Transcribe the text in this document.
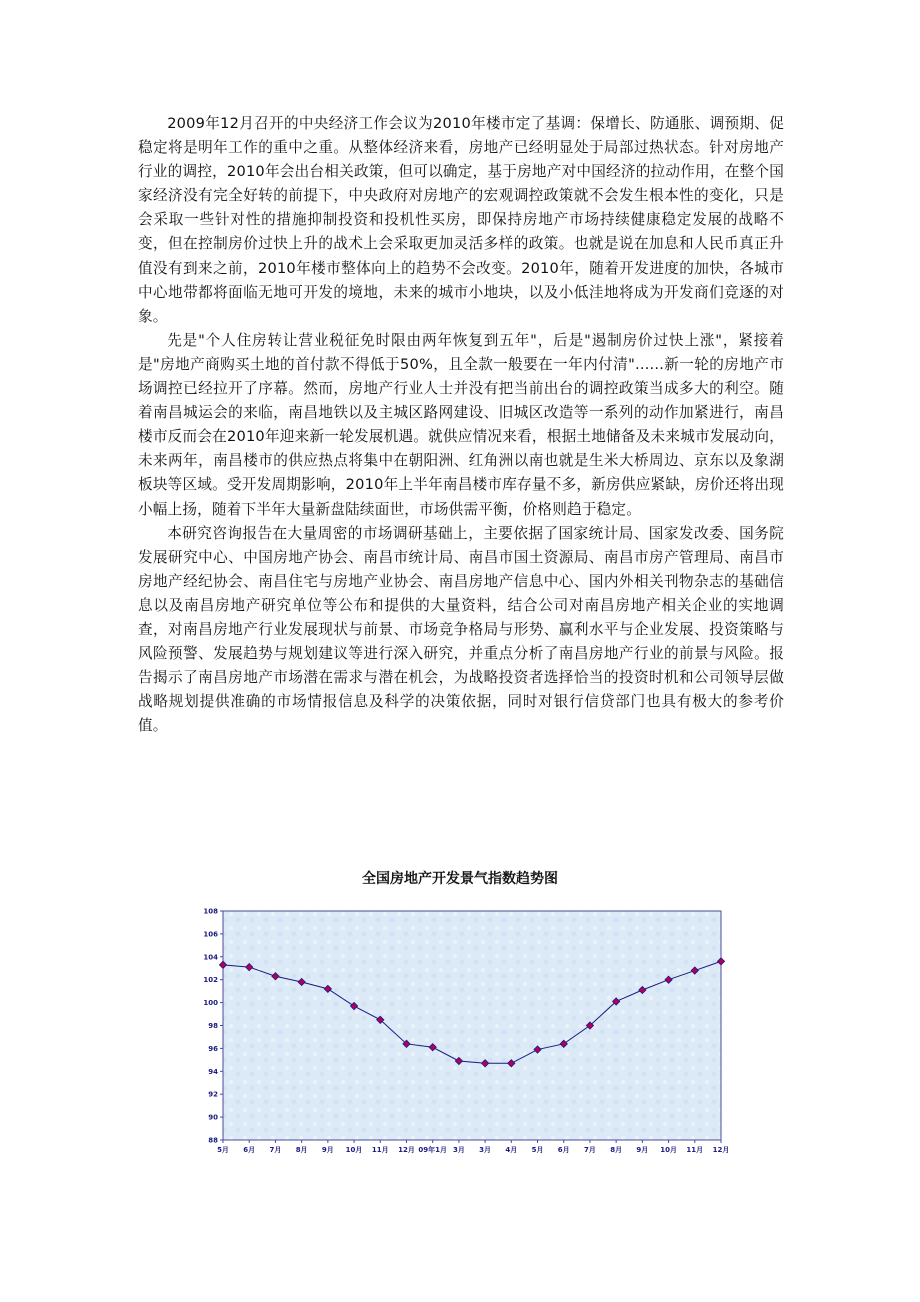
2009年12月召开的中央经济工作会议为2010年楼市定了基调：保增长、防通胀、调预期、促稳定将是明年工作的重中之重。从整体经济来看，房地产已经明显处于局部过热状态。针对房地产行业的调控，2010年会出台相关政策，但可以确定，基于房地产对中国经济的拉动作用，在整个国家经济没有完全好转的前提下，中央政府对房地产的宏观调控政策就不会发生根本性的变化，只是会采取一些针对性的措施抑制投资和投机性买房，即保持房地产市场持续健康稳定发展的战略不变，但在控制房价过快上升的战术上会采取更加灵活多样的政策。也就是说在加息和人民币真正升值没有到来之前，2010年楼市整体向上的趋势不会改变。2010年，随着开发进度的加快，各城市中心地带都将面临无地可开发的境地，未来的城市小地块，以及小低洼地将成为开发商们竞逐的对象。

先是"个人住房转让营业税征免时限由两年恢复到五年"，后是"遏制房价过快上涨"，紧接着是"房地产商购买土地的首付款不得低于50%，且全款一般要在一年内付清"......新一轮的房地产市场调控已经拉开了序幕。然而，房地产行业人士并没有把当前出台的调控政策当成多大的利空。随着南昌城运会的来临，南昌地铁以及主城区路网建设、旧城区改造等一系列的动作加紧进行，南昌楼市反而会在2010年迎来新一轮发展机遇。就供应情况来看，根据土地储备及未来城市发展动向，未来两年，南昌楼市的供应热点将集中在朝阳洲、红角洲以南也就是生米大桥周边、京东以及象湖板块等区域。受开发周期影响，2010年上半年南昌楼市库存量不多，新房供应紧缺，房价还将出现小幅上扬，随着下半年大量新盘陆续面世，市场供需平衡，价格则趋于稳定。

本研究咨询报告在大量周密的市场调研基础上，主要依据了国家统计局、国家发改委、国务院发展研究中心、中国房地产协会、南昌市统计局、南昌市国土资源局、南昌市房产管理局、南昌市房地产经纪协会、南昌住宅与房地产业协会、南昌房地产信息中心、国内外相关刊物杂志的基础信息以及南昌房地产研究单位等公布和提供的大量资料，结合公司对南昌房地产相关企业的实地调查，对南昌房地产行业发展现状与前景、市场竞争格局与形势、赢利水平与企业发展、投资策略与风险预警、发展趋势与规划建议等进行深入研究，并重点分析了南昌房地产行业的前景与风险。报告揭示了南昌房地产市场潜在需求与潜在机会，为战略投资者选择恰当的投资时机和公司领导层做战略规划提供准确的市场情报信息及科学的决策依据，同时对银行信贷部门也具有极大的参考价值。

全国房地产开发景气指数趋势图
88
90
92
94
96
98
100
102
104
106
108
5月 6月 7月 8月 9月 10月 11月 12月 09年1月 3月 3月 4月 5月 6月 7月 8月 9月 10月 11月 12月
